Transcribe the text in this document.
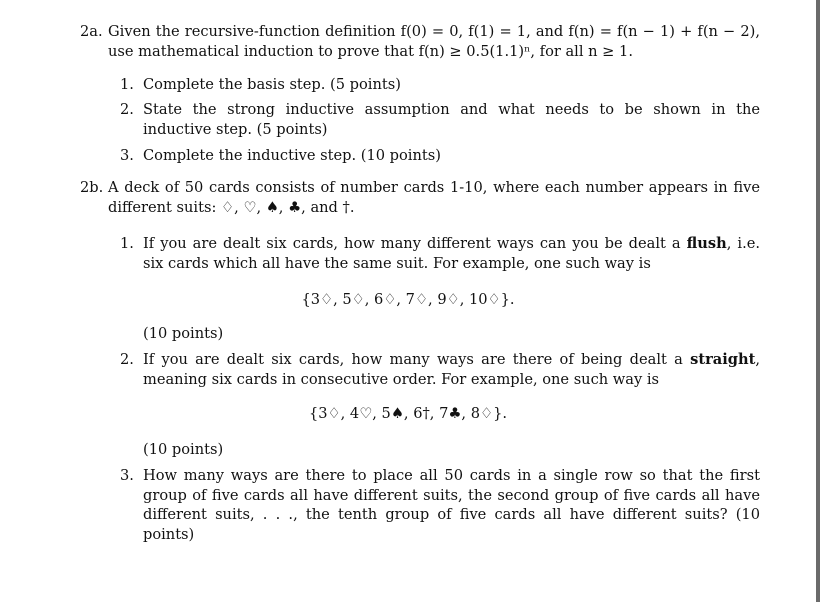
2a. Given the recursive-function definition f(0) = 0, f(1) = 1, and f(n) = f(n − 1) + f(n − 2), use mathematical induction to prove that f(n) ≥ 0.5(1.1)ⁿ, for all n ≥ 1.
1. Complete the basis step. (5 points)
2. State the strong inductive assumption and what needs to be shown in the inductive step. (5 points)
3. Complete the inductive step. (10 points)
2b. A deck of 50 cards consists of number cards 1-10, where each number appears in five different suits: ♢, ♡, ♠, ♣, and †.
1. If you are dealt six cards, how many different ways can you be dealt a flush, i.e. six cards which all have the same suit. For example, one such way is
{3♢, 5♢, 6♢, 7♢, 9♢, 10♢}.
(10 points)
2. If you are dealt six cards, how many ways are there of being dealt a straight, meaning six cards in consecutive order. For example, one such way is
{3♢, 4♡, 5♠, 6†, 7♣, 8♢}.
(10 points)
3. How many ways are there to place all 50 cards in a single row so that the first group of five cards all have different suits, the second group of five cards all have different suits, . . ., the tenth group of five cards all have different suits? (10 points)
